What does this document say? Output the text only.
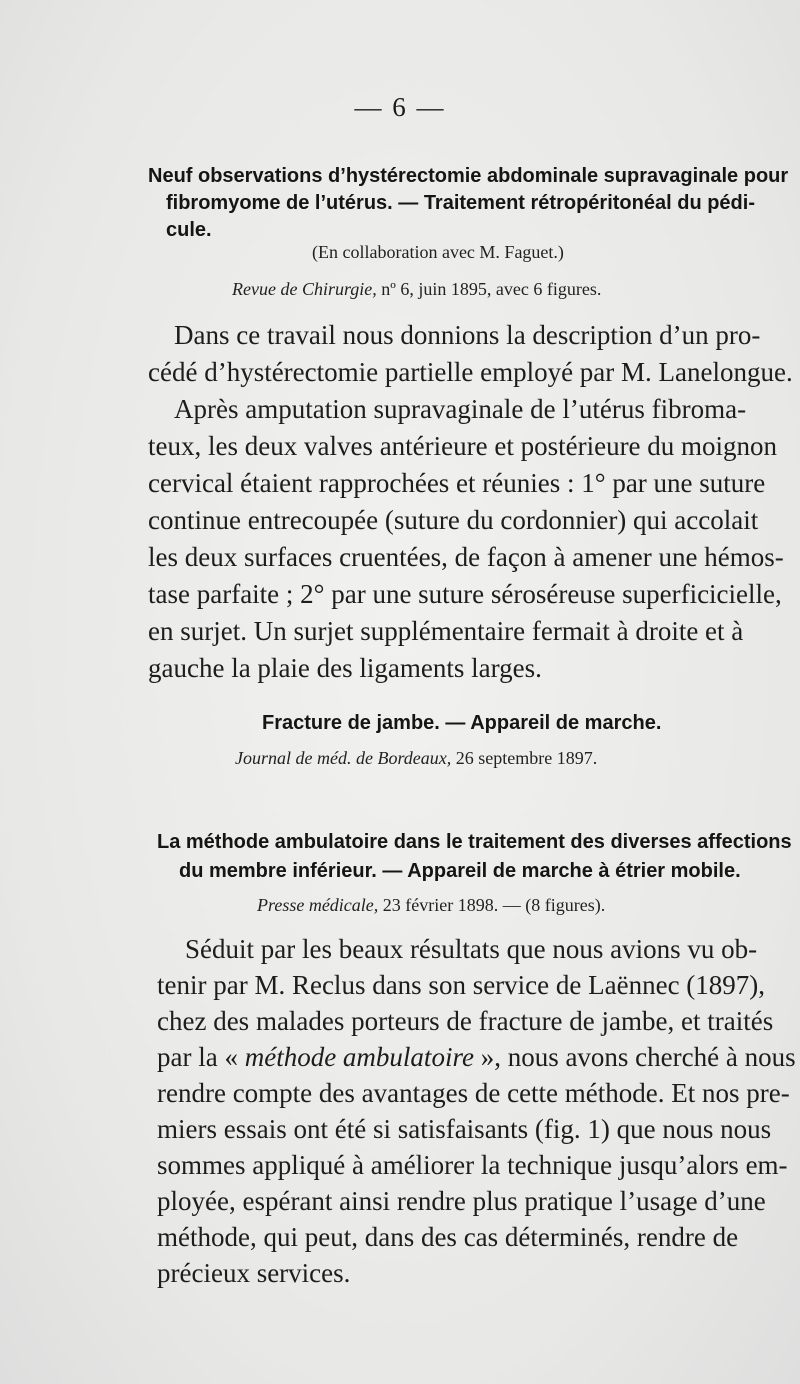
— 6 —
Neuf observations d’hystérectomie abdominale supravaginale pour
fibromyome de l’utérus. — Traitement rétropéritonéal du pédi-
cule.
(En collaboration avec M. Faguet.)
Revue de Chirurgie, nº 6, juin 1895, avec 6 figures.
Dans ce travail nous donnions la description d’un pro-
cédé d’hystérectomie partielle employé par M. Lanelongue.
Après amputation supravaginale de l’utérus fibroma-
teux, les deux valves antérieure et postérieure du moignon
cervical étaient rapprochées et réunies : 1° par une suture
continue entrecoupée (suture du cordonnier) qui accolait
les deux surfaces cruentées, de façon à amener une hémos-
tase parfaite ; 2° par une suture séroséreuse superficicielle,
en surjet. Un surjet supplémentaire fermait à droite et à
gauche la plaie des ligaments larges.
Fracture de jambe. — Appareil de marche.
Journal de méd. de Bordeaux, 26 septembre 1897.
La méthode ambulatoire dans le traitement des diverses affections
du membre inférieur. — Appareil de marche à étrier mobile.
Presse médicale, 23 février 1898. — (8 figures).
Séduit par les beaux résultats que nous avions vu ob-
tenir par M. Reclus dans son service de Laënnec (1897),
chez des malades porteurs de fracture de jambe, et traités
par la « méthode ambulatoire », nous avons cherché à nous
rendre compte des avantages de cette méthode. Et nos pre-
miers essais ont été si satisfaisants (fig. 1) que nous nous
sommes appliqué à améliorer la technique jusqu’alors em-
ployée, espérant ainsi rendre plus pratique l’usage d’une
méthode, qui peut, dans des cas déterminés, rendre de
précieux services.
